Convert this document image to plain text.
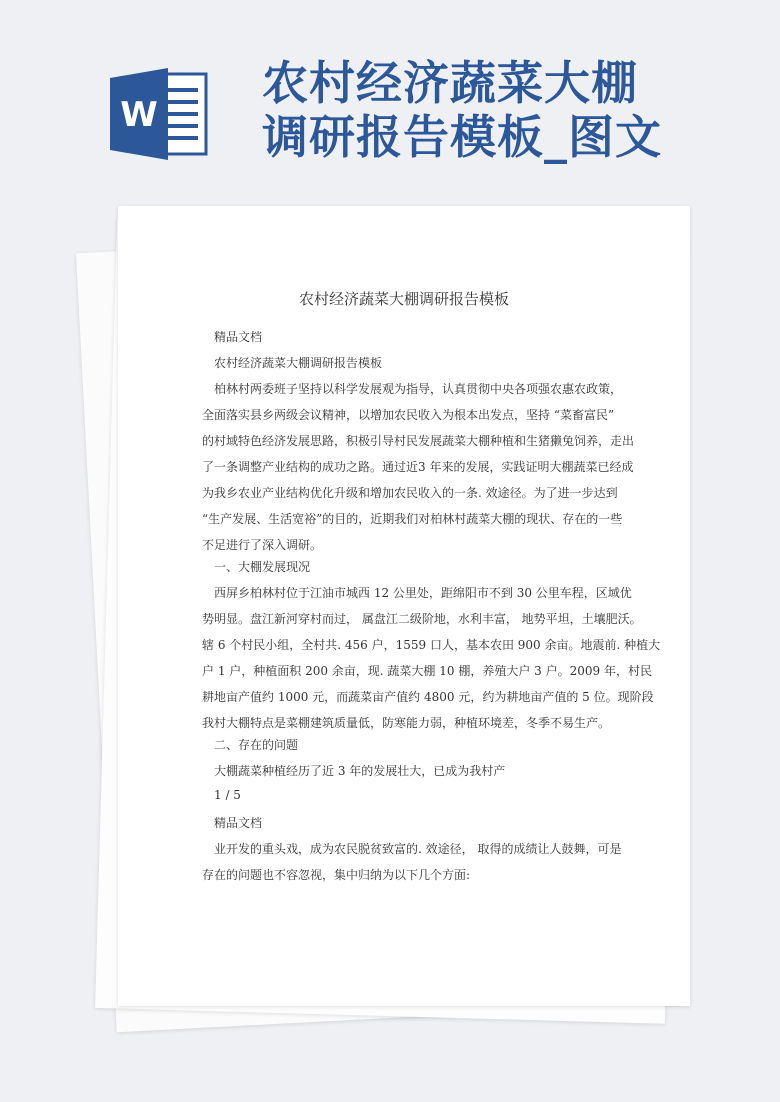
W
农村经济蔬菜大棚
调研报告模板_图文
农村经济蔬菜大棚调研报告模板
精品文档
农村经济蔬菜大棚调研报告模板
柏林村两委班子坚持以科学发展观为指导，认真贯彻中央各项强农惠农政策，
全面落实县乡两级会议精神，以增加农民收入为根本出发点，坚持 “菜畜富民”
的村域特色经济发展思路，积极引导村民发展蔬菜大棚种植和生猪獭兔饲养，走出
了一条调整产业结构的成功之路。通过近3 年来的发展，实践证明大棚蔬菜已经成
为我乡农业产业结构优化升级和增加农民收入的一条. 效途径。为了进一步达到
“生产发展、生活宽裕”的目的，近期我们对柏林村蔬菜大棚的现状、存在的一些
不足进行了深入调研。
一、大棚发展现况
西屏乡柏林村位于江油市城西 12 公里处，距绵阳市不到 30 公里车程，区域优
势明显。盘江新河穿村而过， 属盘江二级阶地，水利丰富， 地势平坦，土壤肥沃。
辖 6 个村民小组，全村共. 456 户，1559 口人，基本农田 900 余亩。地震前. 种植大
户 1 户，种植面积 200 余亩，现. 蔬菜大棚 10 棚，养殖大户 3 户。2009 年，村民
耕地亩产值约 1000 元，而蔬菜亩产值约 4800 元，约为耕地亩产值的 5 位。现阶段
我村大棚特点是菜棚建筑质量低，防寒能力弱，种植环境差，冬季不易生产。
二、存在的问题
大棚蔬菜种植经历了近 3 年的发展壮大，已成为我村产
1 / 5
精品文档
业开发的重头戏，成为农民脱贫致富的. 效途径， 取得的成绩让人鼓舞，可是
存在的问题也不容忽视，集中归纳为以下几个方面:
